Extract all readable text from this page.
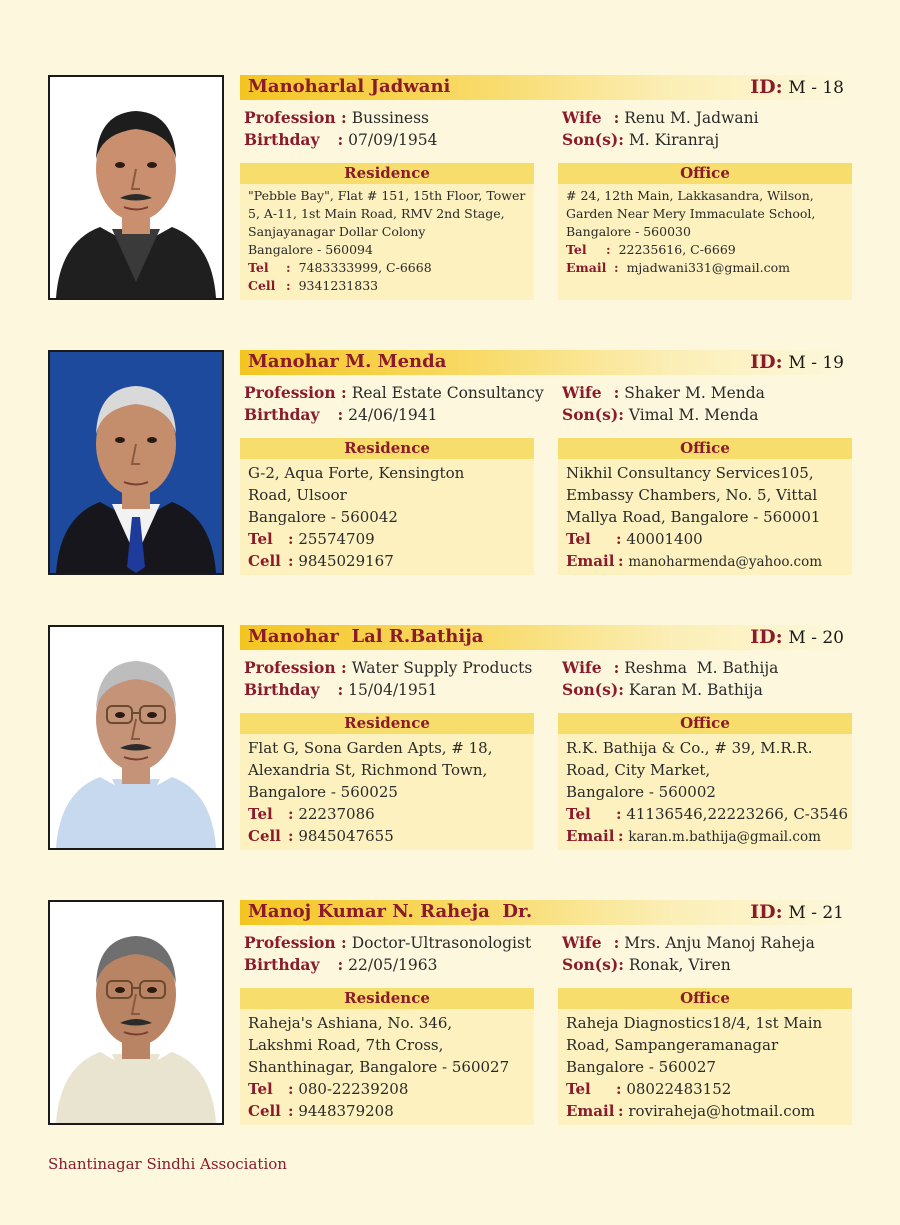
Manoharlal Jadwani	ID: M - 18
Profession : Bussiness
Birthday : 07/09/1954
Wife : Renu M. Jadwani
Son(s): M. Kiranraj
Residence
"Pebble Bay", Flat # 151, 15th Floor, Tower
5, A-11, 1st Main Road, RMV 2nd Stage,
Sanjayanagar Dollar Colony
Bangalore - 560094
Tel : 7483333999, C-6668
Cell : 9341231833
Office
# 24, 12th Main, Lakkasandra, Wilson,
Garden Near Mery Immaculate School,
Bangalore - 560030
Tel : 22235616, C-6669
Email : mjadwani331@gmail.com
Manohar M. Menda	ID: M - 19
Profession : Real Estate Consultancy
Birthday : 24/06/1941
Wife : Shaker M. Menda
Son(s): Vimal M. Menda
Residence
G-2, Aqua Forte, Kensington
Road, Ulsoor
Bangalore - 560042
Tel : 25574709
Cell : 9845029167
Office
Nikhil Consultancy Services105,
Embassy Chambers, No. 5, Vittal
Mallya Road, Bangalore - 560001
Tel : 40001400
Email : manoharmenda@yahoo.com
Manohar  Lal R.Bathija	ID: M - 20
Profession : Water Supply Products
Birthday : 15/04/1951
Wife : Reshma  M. Bathija
Son(s): Karan M. Bathija
Residence
Flat G, Sona Garden Apts, # 18,
Alexandria St, Richmond Town,
Bangalore - 560025
Tel : 22237086
Cell : 9845047655
Office
R.K. Bathija & Co., # 39, M.R.R.
Road, City Market,
Bangalore - 560002
Tel : 41136546,22223266, C-3546
Email : karan.m.bathija@gmail.com
Manoj Kumar N. Raheja  Dr.	ID: M - 21
Profession : Doctor-Ultrasonologist
Birthday : 22/05/1963
Wife : Mrs. Anju Manoj Raheja
Son(s): Ronak, Viren
Residence
Raheja's Ashiana, No. 346,
Lakshmi Road, 7th Cross,
Shanthinagar, Bangalore - 560027
Tel : 080-22239208
Cell : 9448379208
Office
Raheja Diagnostics18/4, 1st Main
Road, Sampangeramanagar
Bangalore - 560027
Tel : 08022483152
Email : roviraheja@hotmail.com
Shantinagar Sindhi Association
